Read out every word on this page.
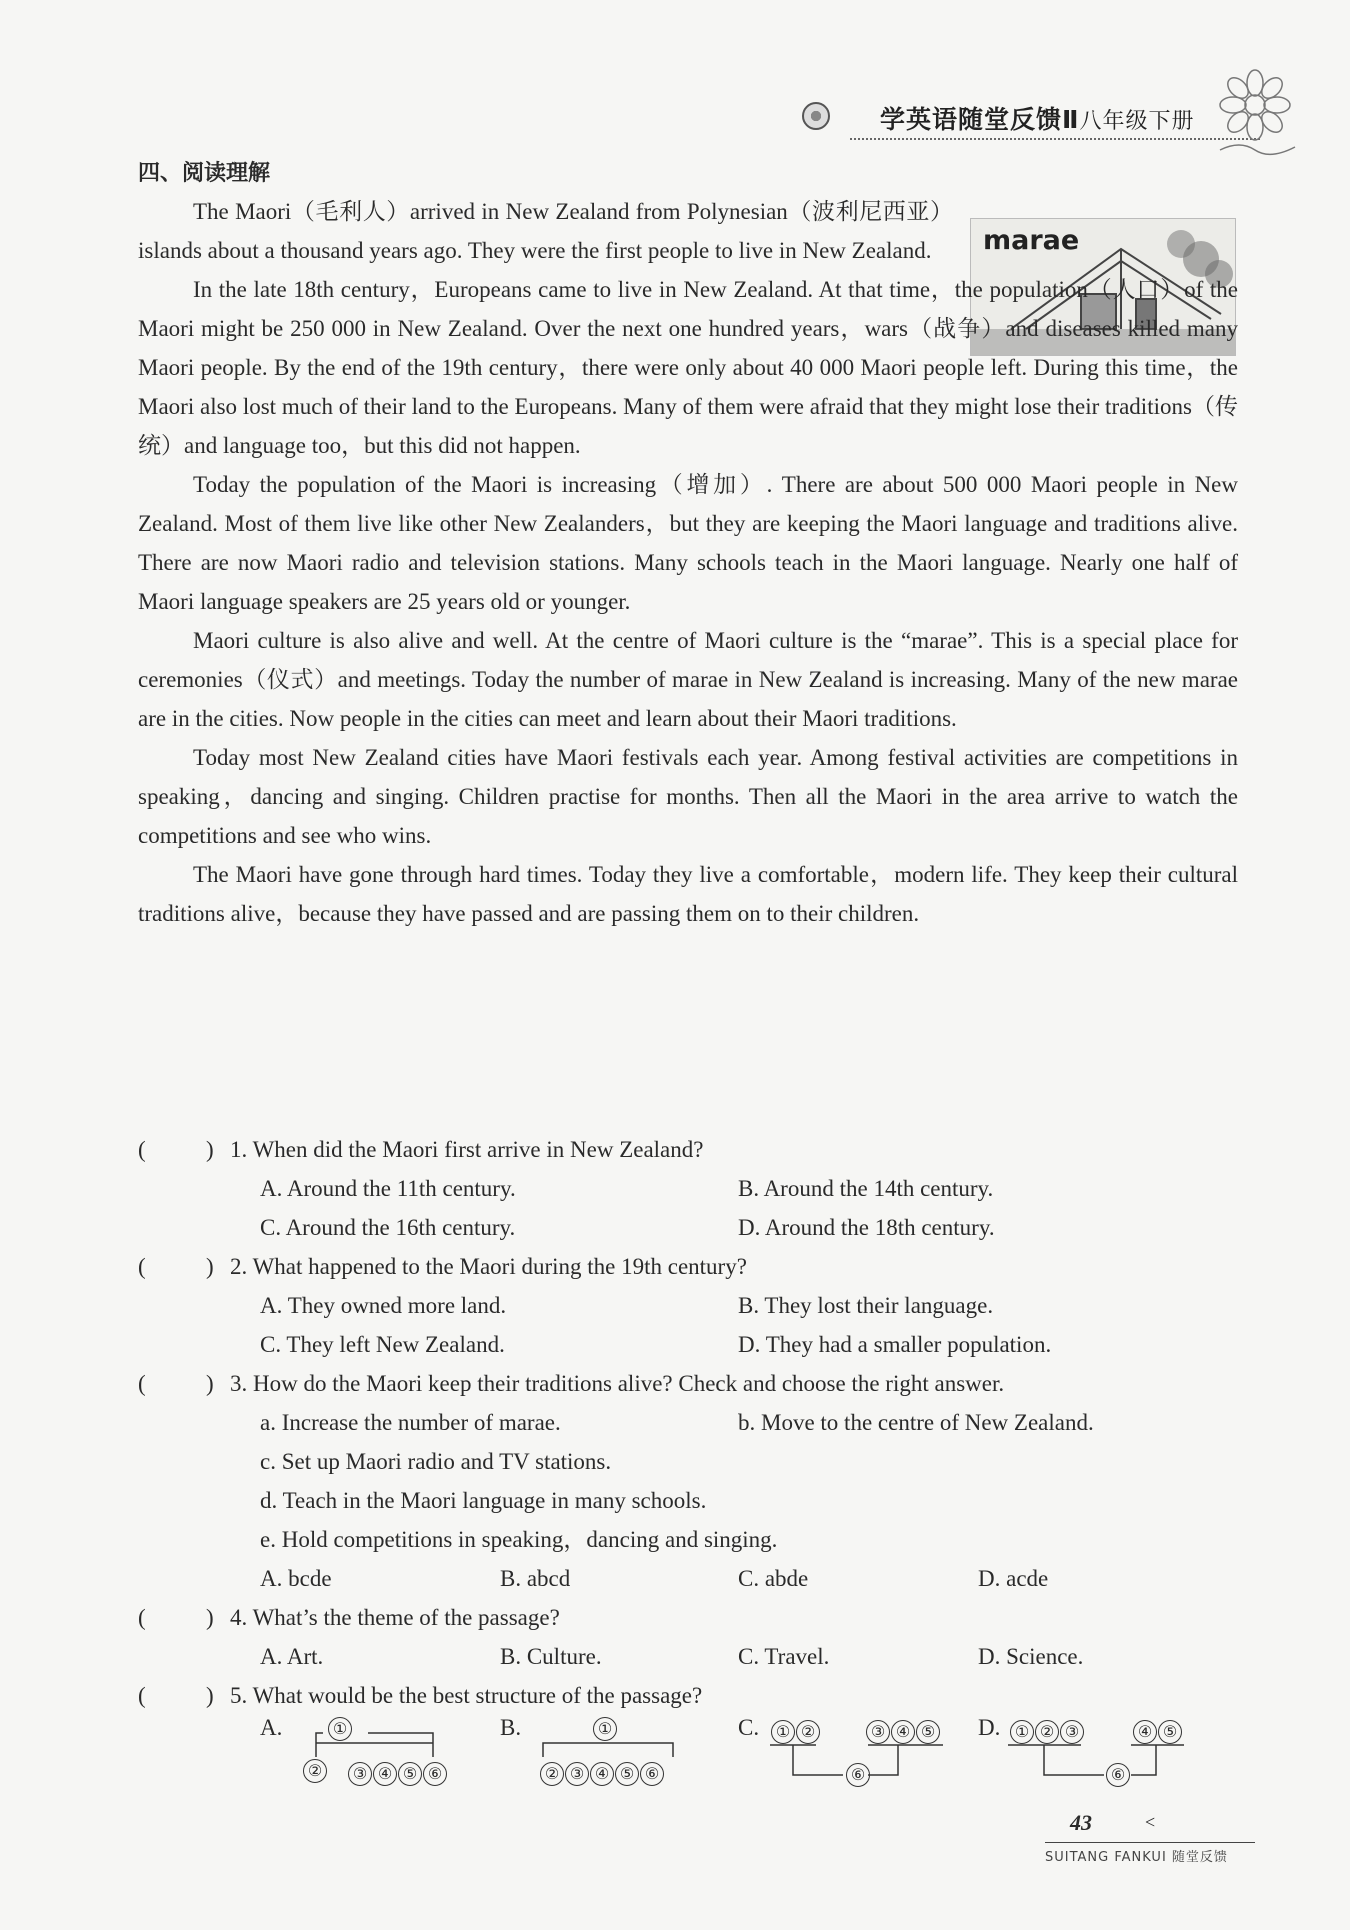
学英语随堂反馈Ⅱ八年级下册
四、阅读理解
marae

The Maori（毛利人）arrived in New Zealand from Polynesian（波利尼西亚）islands about a thousand years ago. They were the first people to live in New Zealand.

In the late 18th century，Europeans came to live in New Zealand. At that time，the population（人口）of the Maori might be 250 000 in New Zealand. Over the next one hundred years，wars（战争）and diseases killed many Maori people. By the end of the 19th century，there were only about 40 000 Maori people left. During this time，the Maori also lost much of their land to the Europeans. Many of them were afraid that they might lose their traditions（传统）and language too，but this did not happen.

Today the population of the Maori is increasing（增加）. There are about 500 000 Maori people in New Zealand. Most of them live like other New Zealanders，but they are keeping the Maori language and traditions alive. There are now Maori radio and television stations. Many schools teach in the Maori language. Nearly one half of Maori language speakers are 25 years old or younger.

Maori culture is also alive and well. At the centre of Maori culture is the “marae”. This is a special place for ceremonies（仪式）and meetings. Today the number of marae in New Zealand is increasing. Many of the new marae are in the cities. Now people in the cities can meet and learn about their Maori traditions.

Today most New Zealand cities have Maori festivals each year. Among festival activities are competitions in speaking，dancing and singing. Children practise for months. Then all the Maori in the area arrive to watch the competitions and see who wins.

The Maori have gone through hard times. Today they live a comfortable，modern life. They keep their cultural traditions alive，because they have passed and are passing them on to their children.

(	) 1. When did the Maori first arrive in New Zealand?
A. Around the 11th century.	B. Around the 14th century.
C. Around the 16th century.	D. Around the 18th century.
(	) 2. What happened to the Maori during the 19th century?
A. They owned more land.	B. They lost their language.
C. They left New Zealand.	D. They had a smaller population.
(	) 3. How do the Maori keep their traditions alive? Check and choose the right answer.
a. Increase the number of marae.	b. Move to the centre of New Zealand.
c. Set up Maori radio and TV stations.
d. Teach in the Maori language in many schools.
e. Hold competitions in speaking，dancing and singing.
A. bcde	B. abcd	C. abde	D. acde
(	) 4. What’s the theme of the passage?
A. Art.	B. Culture.	C. Travel.	D. Science.
(	) 5. What would be the best structure of the passage?
A.	①
②	③ ④ ⑤ ⑥
B.	①
② ③ ④ ⑤ ⑥
C.	① ②	③ ④ ⑤
⑥
D. ① ② ③	④ ⑤
⑥
43	<
SUITANG FANKUI 随堂反馈
